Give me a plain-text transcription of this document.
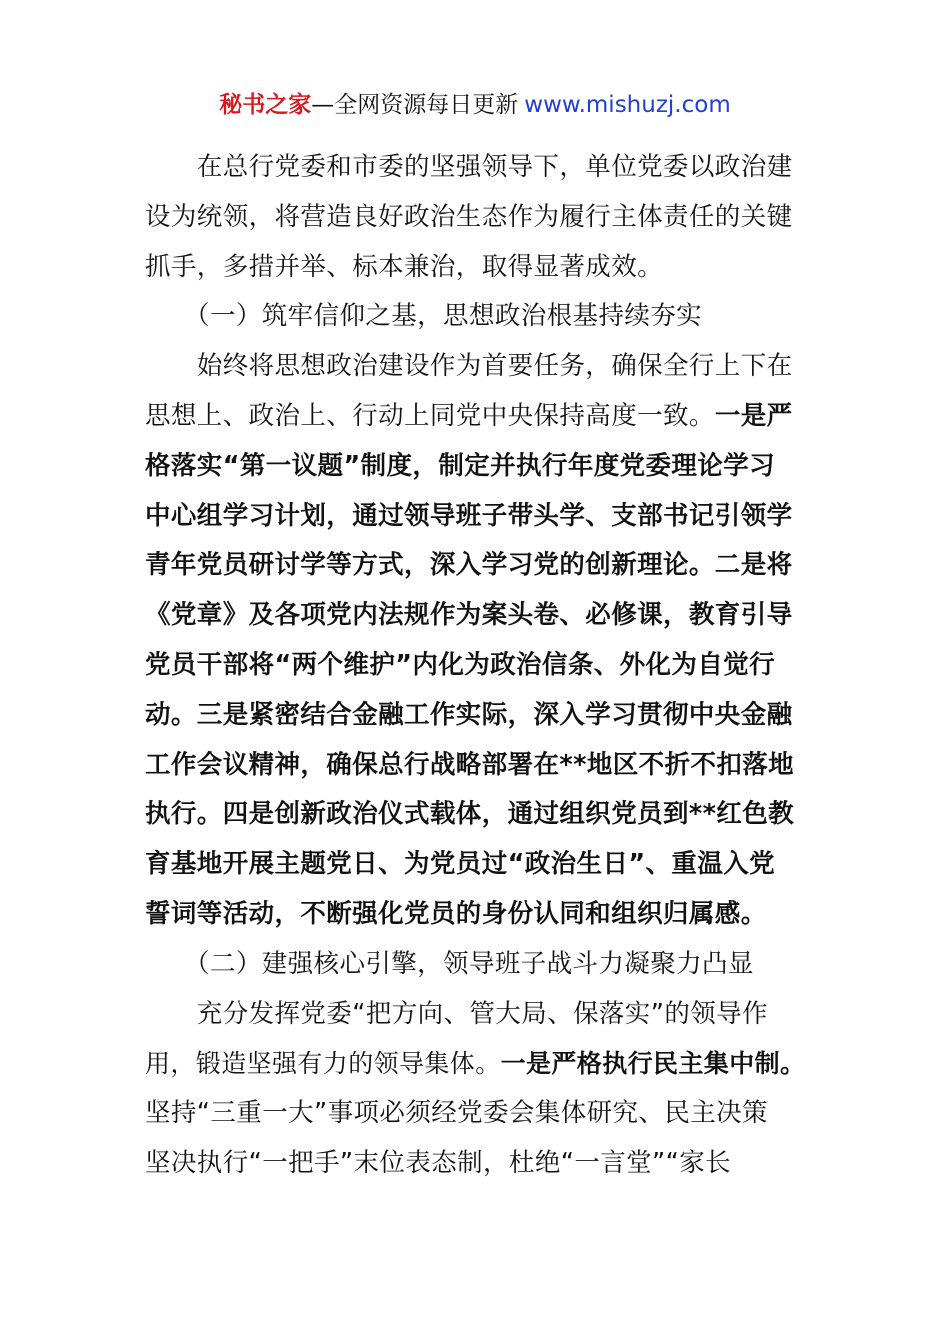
秘书之家—全网资源每日更新 www.mishuzj.com
　　在总行党委和市委的坚强领导下，单位党委以政治建
设为统领，将营造良好政治生态作为履行主体责任的关键
抓手，多措并举、标本兼治，取得显著成效。
　　（一）筑牢信仰之基，思想政治根基持续夯实
　　始终将思想政治建设作为首要任务，确保全行上下在
思想上、政治上、行动上同党中央保持高度一致。一是严
格落实“第一议题”制度，制定并执行年度党委理论学习
中心组学习计划，通过领导班子带头学、支部书记引领学
青年党员研讨学等方式，深入学习党的创新理论。二是将
《党章》及各项党内法规作为案头卷、必修课，教育引导
党员干部将“两个维护”内化为政治信条、外化为自觉行
动。三是紧密结合金融工作实际，深入学习贯彻中央金融
工作会议精神，确保总行战略部署在**地区不折不扣落地
执行。四是创新政治仪式载体，通过组织党员到**红色教
育基地开展主题党日、为党员过“政治生日”、重温入党
誓词等活动，不断强化党员的身份认同和组织归属感。
　　（二）建强核心引擎，领导班子战斗力凝聚力凸显
　　充分发挥党委“把方向、管大局、保落实”的领导作
用，锻造坚强有力的领导集体。一是严格执行民主集中制。
坚持“三重一大”事项必须经党委会集体研究、民主决策
坚决执行“一把手”末位表态制，杜绝“一言堂”“家长
